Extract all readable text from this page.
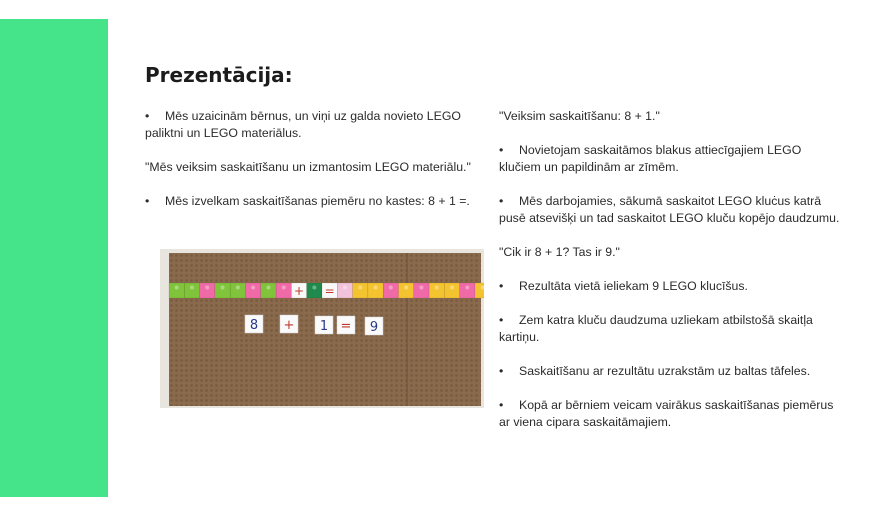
Prezentācija:

• Mēs uzaicinām bērnus, un viņi uz galda novieto LEGO paliktni un LEGO materiālus.

"Mēs veiksim saskaitīšanu un izmantosim LEGO materiālu."

• Mēs izvelkam saskaitīšanas piemēru no kastes: 8 + 1 =.

+ =
8 + 1 = 9

"Veiksim saskaitīšanu: 8 + 1."

• Novietojam saskaitāmos blakus attiecīgajiem LEGO klučiem un papildinām ar zīmēm.

• Mēs darbojamies, sākumā saskaitot LEGO kluċus katrā pusē atsevišķi un tad saskaitot LEGO kluču kopējo daudzumu.

"Cik ir 8 + 1? Tas ir 9."

• Rezultāta vietā ieliekam 9 LEGO klucīšus.

• Zem katra kluču daudzuma uzliekam atbilstošā skaitļa kartiņu.

• Saskaitīšanu ar rezultātu uzrakstām uz baltas tāfeles.

• Kopā ar bērniem veicam vairākus saskaitīšanas piemērus ar viena cipara saskaitāmajiem.
